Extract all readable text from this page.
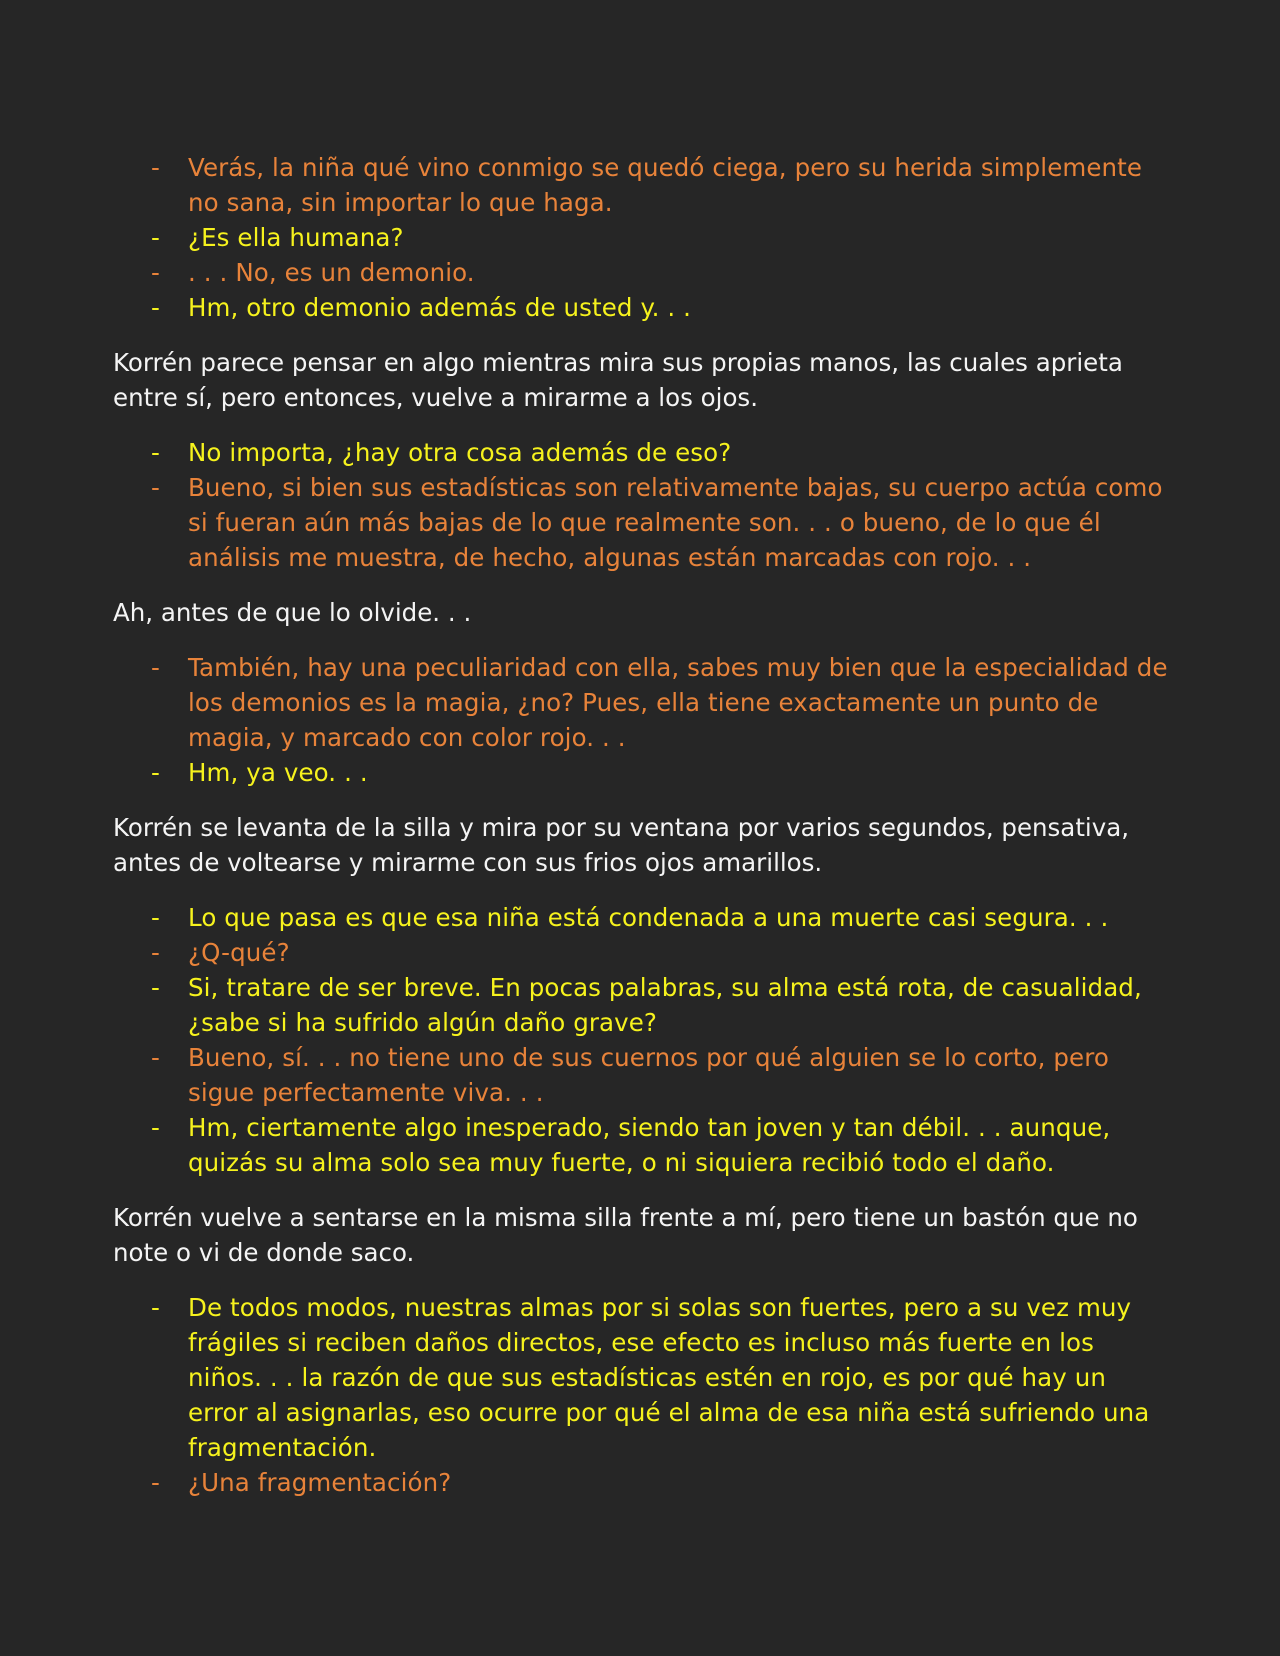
- Verás, la niña qué vino conmigo se quedó ciega, pero su herida simplemente no sana, sin importar lo que haga.
- ¿Es ella humana?
- . . . No, es un demonio.
- Hm, otro demonio además de usted y. . .

Korrén parece pensar en algo mientras mira sus propias manos, las cuales aprieta entre sí, pero entonces, vuelve a mirarme a los ojos.

- No importa, ¿hay otra cosa además de eso?
- Bueno, si bien sus estadísticas son relativamente bajas, su cuerpo actúa como si fueran aún más bajas de lo que realmente son. . . o bueno, de lo que él análisis me muestra, de hecho, algunas están marcadas con rojo. . .

Ah, antes de que lo olvide. . .

- También, hay una peculiaridad con ella, sabes muy bien que la especialidad de los demonios es la magia, ¿no? Pues, ella tiene exactamente un punto de magia, y marcado con color rojo. . .
- Hm, ya veo. . .

Korrén se levanta de la silla y mira por su ventana por varios segundos, pensativa, antes de voltearse y mirarme con sus frios ojos amarillos.

- Lo que pasa es que esa niña está condenada a una muerte casi segura. . .
- ¿Q-qué?
- Si, tratare de ser breve. En pocas palabras, su alma está rota, de casualidad, ¿sabe si ha sufrido algún daño grave?
- Bueno, sí. . . no tiene uno de sus cuernos por qué alguien se lo corto, pero sigue perfectamente viva. . .
- Hm, ciertamente algo inesperado, siendo tan joven y tan débil. . . aunque, quizás su alma solo sea muy fuerte, o ni siquiera recibió todo el daño.

Korrén vuelve a sentarse en la misma silla frente a mí, pero tiene un bastón que no note o vi de donde saco.

- De todos modos, nuestras almas por si solas son fuertes, pero a su vez muy frágiles si reciben daños directos, ese efecto es incluso más fuerte en los niños. . . la razón de que sus estadísticas estén en rojo, es por qué hay un error al asignarlas, eso ocurre por qué el alma de esa niña está sufriendo una fragmentación.
- ¿Una fragmentación?
